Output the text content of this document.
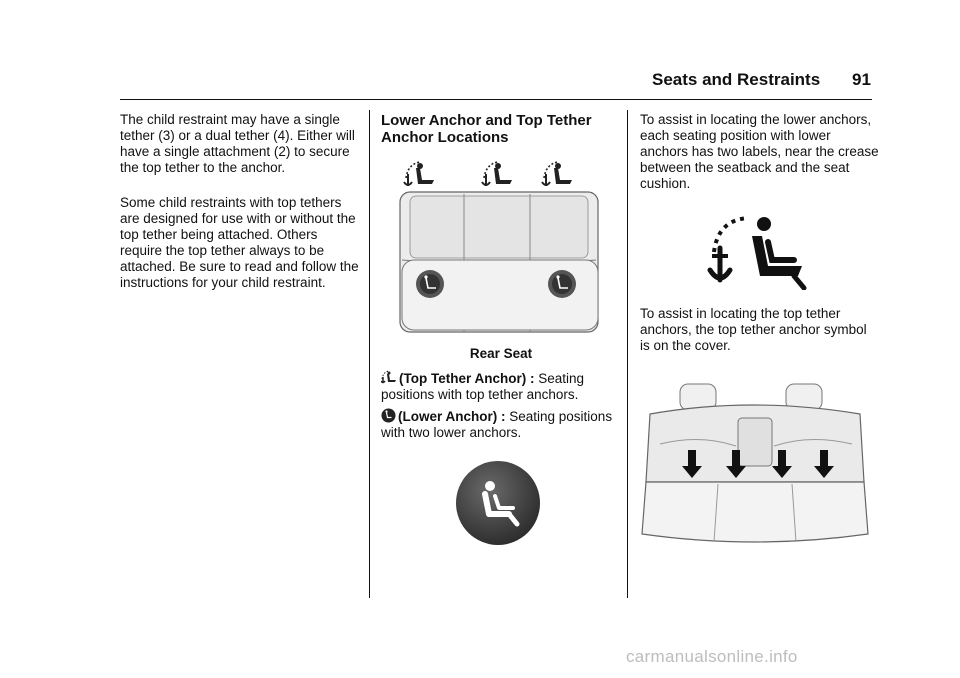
Seats and Restraints 91

The child restraint may have a single tether (3) or a dual tether (4). Either will have a single attachment (2) to secure the top tether to the anchor.

Some child restraints with top tethers are designed for use with or without the top tether being attached. Others require the top tether always to be attached. Be sure to read and follow the instructions for your child restraint.

Lower Anchor and Top Tether Anchor Locations
Rear Seat

(Top Tether Anchor) : Seating positions with top tether anchors.

(Lower Anchor) : Seating positions with two lower anchors.

To assist in locating the lower anchors, each seating position with lower anchors has two labels, near the crease between the seatback and the seat cushion.

To assist in locating the top tether anchors, the top tether anchor symbol is on the cover.

carmanualsonline.info
